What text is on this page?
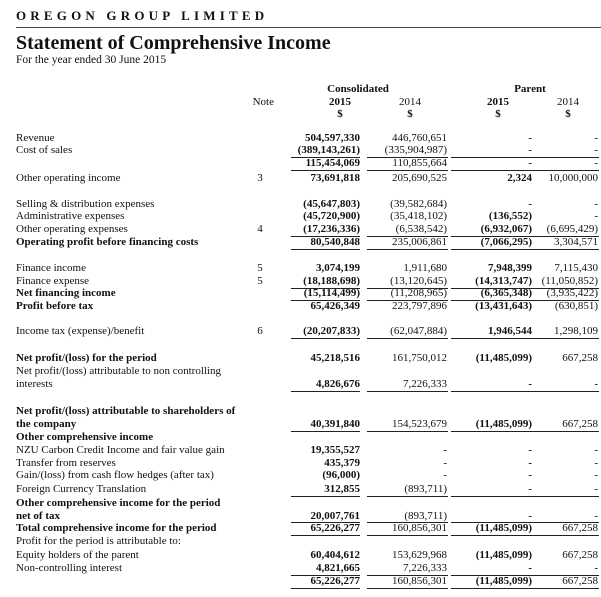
OREGON GROUP LIMITED
Statement of Comprehensive Income
For the year ended 30 June 2015
Consolidated	Parent
Note	2015	2014	2015	2014
$	$	$	$
Revenue	504,597,330	446,760,651	-	-
Cost of sales	(389,143,261)	(335,904,987)	-	-
115,454,069	110,855,664	-	-
Other operating income	3	73,691,818	205,690,525	2,324	10,000,000
Selling & distribution expenses	(45,647,803)	(39,582,684)	-	-
Administrative expenses	(45,720,900)	(35,418,102)	(136,552)	-
Other operating expenses	4	(17,236,336)	(6,538,542)	(6,932,067)	(6,695,429)
Operating profit before financing costs	80,540,848	235,006,861	(7,066,295)	3,304,571
Finance income	5	3,074,199	1,911,680	7,948,399	7,115,430
Finance expense	5	(18,188,698)	(13,120,645)	(14,313,747) (11,050,852)
Net financing income	(15,114,499)	(11,208,965)	(6,365,348)	(3,935,422)
Profit before tax	65,426,349	223,797,896	(13,431,643)	(630,851)
Income tax (expense)/benefit	6	(20,207,833)	(62,047,884)	1,946,544	1,298,109
Net profit/(loss) for the period	45,218,516	161,750,012	(11,485,099)	667,258
Net profit/(loss) attributable to non controlling
interests	4,826,676	7,226,333	-	-
Net profit/(loss) attributable to shareholders of
the company	40,391,840	154,523,679	(11,485,099)	667,258
Other comprehensive income
NZU Carbon Credit Income and fair value gain	19,355,527	-	-	-
Transfer from reserves	435,379	-	-	-
Gain/(loss) from cash flow hedges (after tax)	(96,000)	-	-	-
Foreign Currency Translation	312,855	(893,711)	-	-
Other comprehensive income for the period
net of tax	20,007,761	(893,711)	-	-
Total comprehensive income for the period	65,226,277	160,856,301	(11,485,099)	667,258
Profit for the period is attributable to:
Equity holders of the parent	60,404,612	153,629,968	(11,485,099)	667,258
Non-controlling interest	4,821,665	7,226,333	-	-
65,226,277	160,856,301	(11,485,099)	667,258
